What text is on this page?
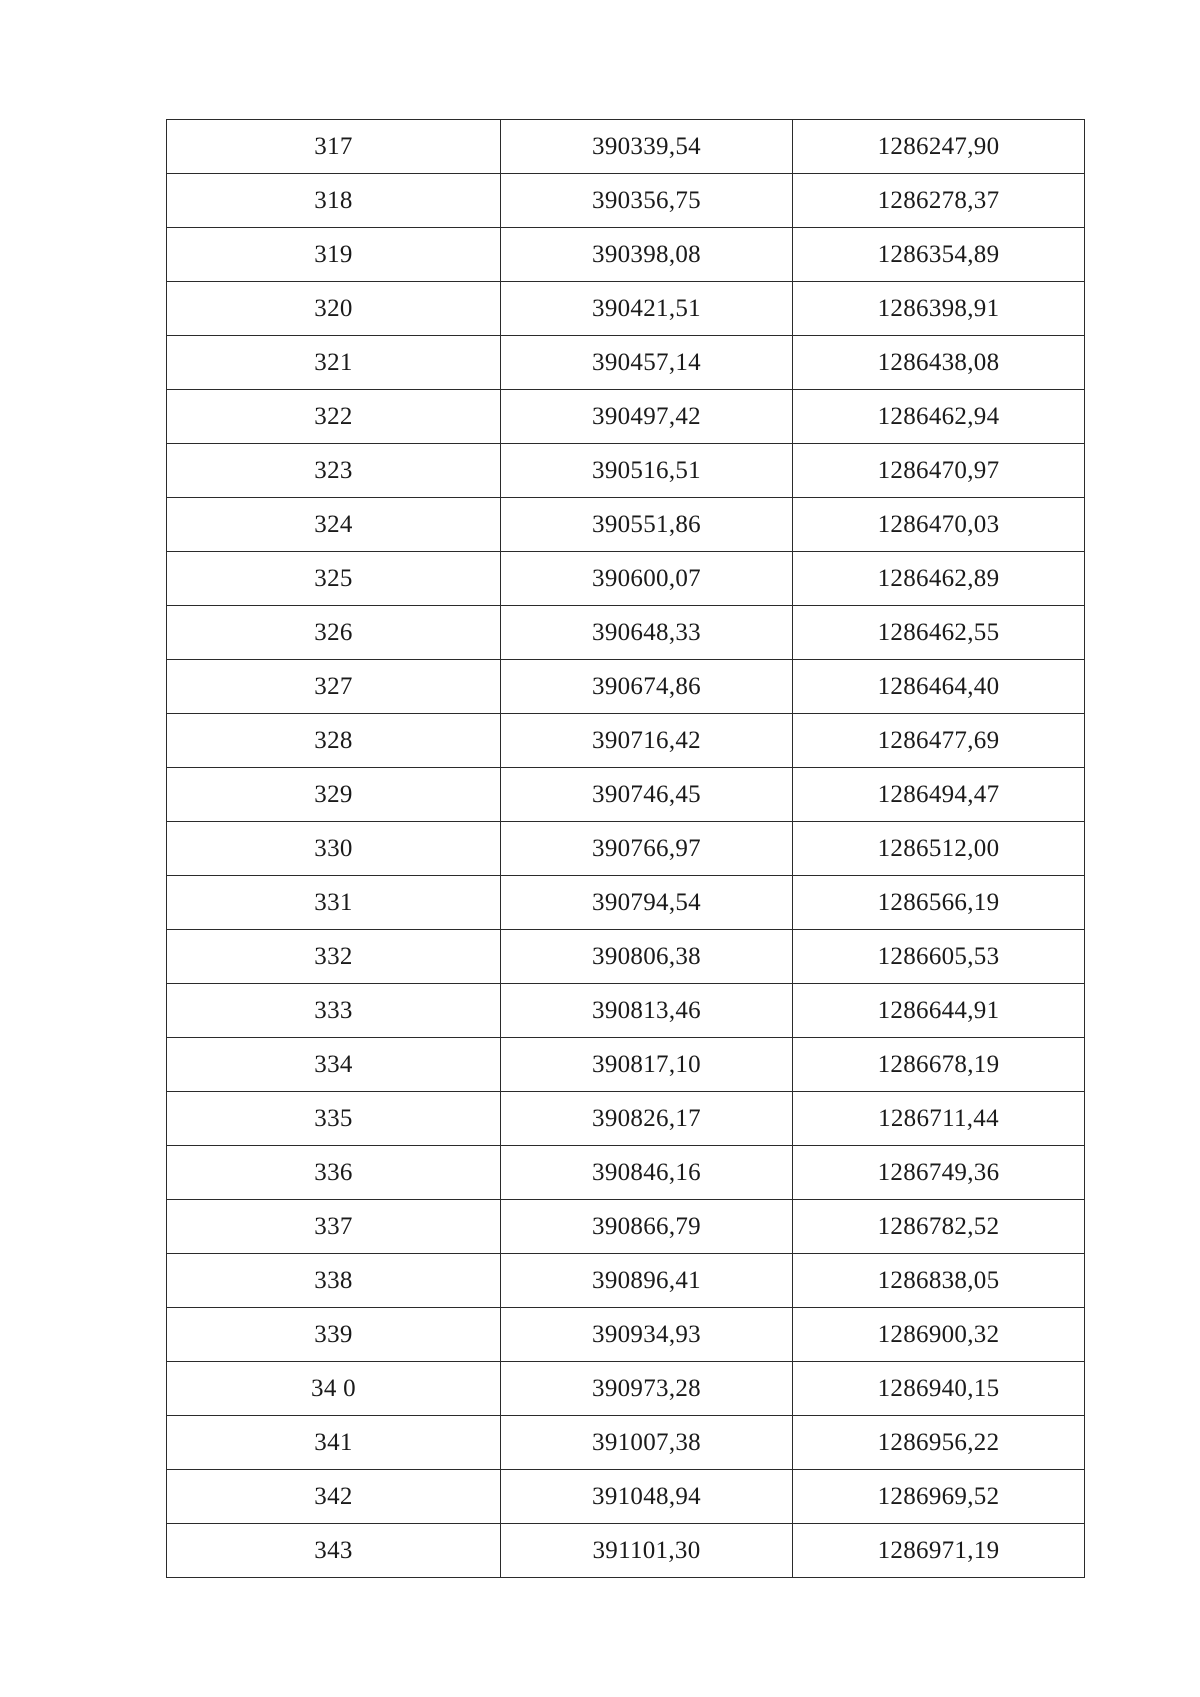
317	390339,54	1286247,90
318	390356,75	1286278,37
319	390398,08	1286354,89
320	390421,51	1286398,91
321	390457,14	1286438,08
322	390497,42	1286462,94
323	390516,51	1286470,97
324	390551,86	1286470,03
325	390600,07	1286462,89
326	390648,33	1286462,55
327	390674,86	1286464,40
328	390716,42	1286477,69
329	390746,45	1286494,47
330	390766,97	1286512,00
331	390794,54	1286566,19
332	390806,38	1286605,53
333	390813,46	1286644,91
334	390817,10	1286678,19
335	390826,17	1286711,44
336	390846,16	1286749,36
337	390866,79	1286782,52
338	390896,41	1286838,05
339	390934,93	1286900,32
34 0	390973,28	1286940,15
341	391007,38	1286956,22
342	391048,94	1286969,52
343	391101,30	1286971,19
